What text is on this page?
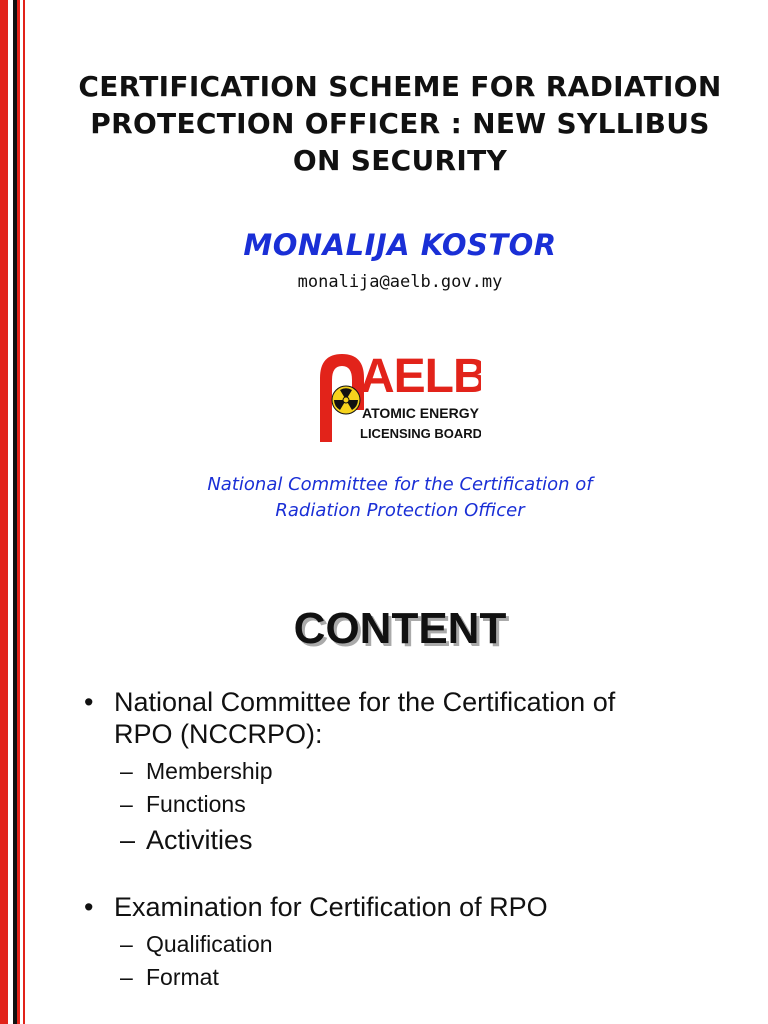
CERTIFICATION SCHEME FOR RADIATION
PROTECTION OFFICER : NEW SYLLIBUS
ON SECURITY
MONALIJA KOSTOR
monalija@aelb.gov.my
AELB
ATOMIC ENERGY
LICENSING BOARD
National Committee for the Certification of
Radiation Protection Officer
CONTENT
• National Committee for the Certification of
RPO (NCCRPO):
– Membership
– Functions
– Activities
• Examination for Certification of RPO
– Qualification
– Format
